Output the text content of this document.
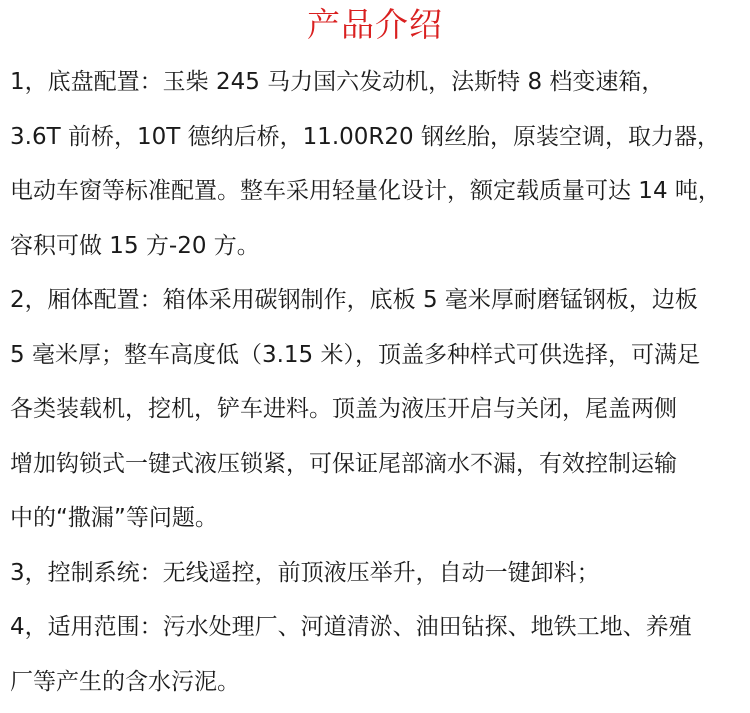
产品介绍
1，底盘配置：玉柴 245 马力国六发动机，法斯特 8 档变速箱，
3.6T 前桥，10T 德纳后桥，11.00R20 钢丝胎，原装空调，取力器，
电动车窗等标准配置。整车采用轻量化设计，额定载质量可达 14 吨，
容积可做 15 方-20 方。
2，厢体配置：箱体采用碳钢制作，底板 5 毫米厚耐磨锰钢板，边板
5 毫米厚；整车高度低（3.15 米），顶盖多种样式可供选择，可满足
各类装载机，挖机，铲车进料。顶盖为液压开启与关闭，尾盖两侧
增加钩锁式一键式液压锁紧，可保证尾部滴水不漏，有效控制运输
中的“撒漏”等问题。
3，控制系统：无线遥控，前顶液压举升，自动一键卸料；
4，适用范围：污水处理厂、河道清淤、油田钻探、地铁工地、养殖
厂等产生的含水污泥。
